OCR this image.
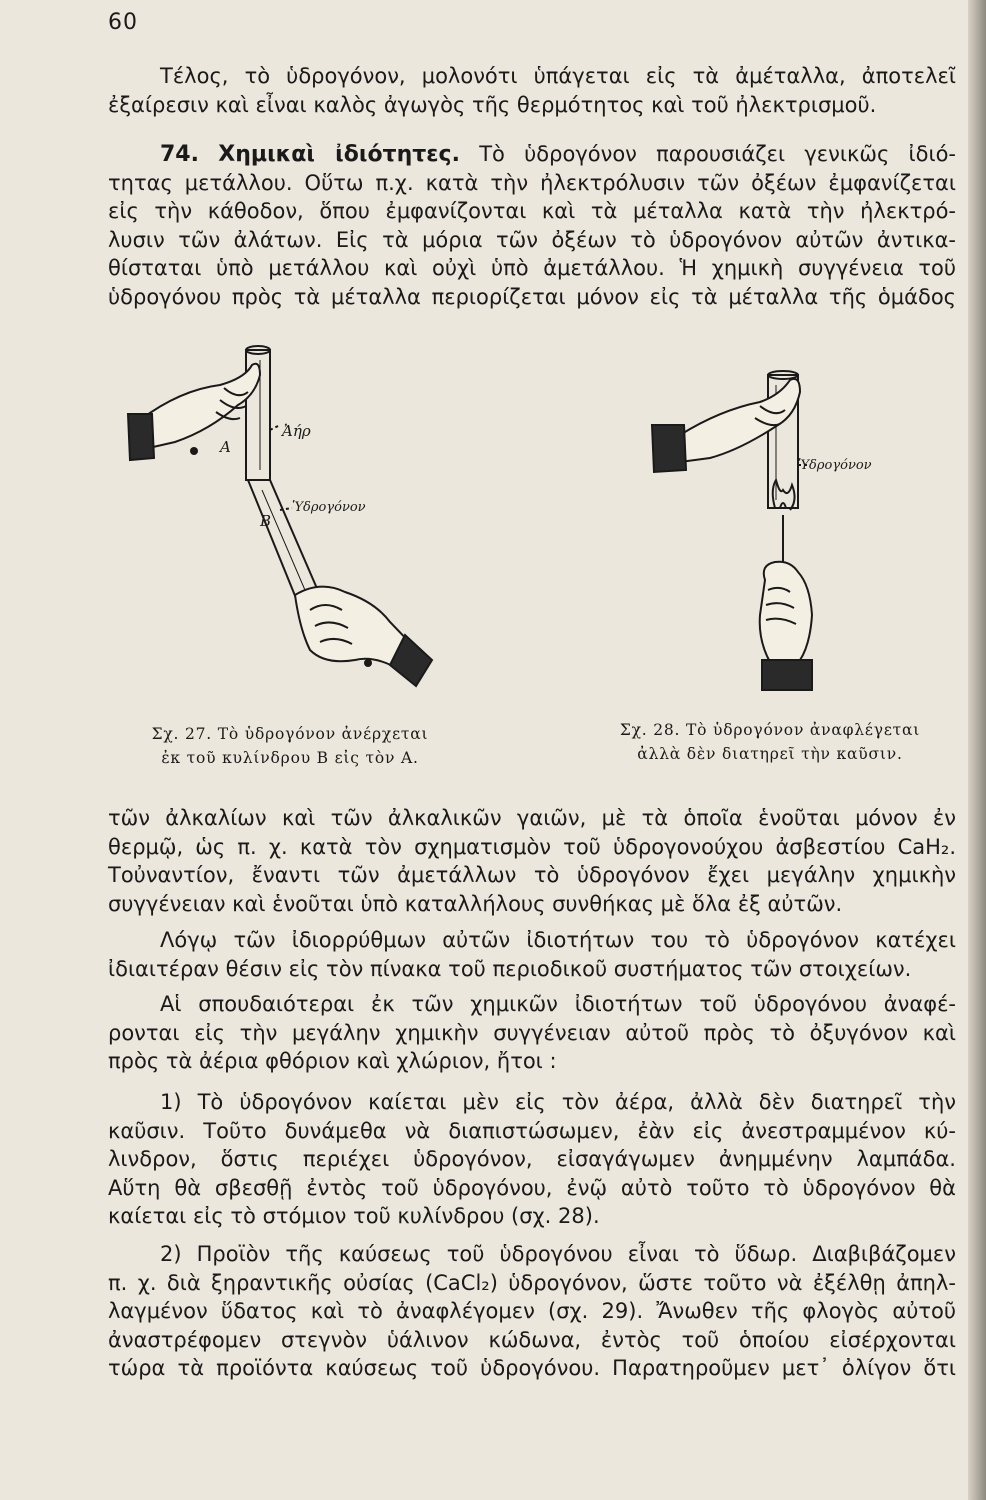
60
Τέλος, τὸ ὑδρογόνον, μολονότι ὑπάγεται εἰς τὰ ἀμέταλλα, ἀποτελεῖ
ἐξαίρεσιν καὶ εἶναι καλὸς ἀγωγὸς τῆς θερμότητος καὶ τοῦ ἠλεκτρισμοῦ.
74. Χημικαὶ ἰδιότητες. Τὸ ὑδρογόνον παρουσιάζει γενικῶς ἰδιό-
τητας μετάλλου. Οὕτω π.χ. κατὰ τὴν ἠλεκτρόλυσιν τῶν ὀξέων ἐμφανίζεται
εἰς τὴν κάθοδον, ὅπου ἐμφανίζονται καὶ τὰ μέταλλα κατὰ τὴν ἠλεκτρό-
λυσιν τῶν ἀλάτων. Εἰς τὰ μόρια τῶν ὀξέων τὸ ὑδρογόνον αὐτῶν ἀντικα-
θίσταται ὑπὸ μετάλλου καὶ οὐχὶ ὑπὸ ἀμετάλλου. Ἡ χημικὴ συγγένεια τοῦ
ὑδρογόνου πρὸς τὰ μέταλλα περιορίζεται μόνον εἰς τὰ μέταλλα τῆς ὁμάδος
A
Ἀήρ
B
Ὑδρογόνον
Σχ. 27. Τὸ ὑδρογόνον ἀνέρχεται
ἐκ τοῦ κυλίνδρου B εἰς τὸν A.
Ὑδρογόνον
Σχ. 28. Τὸ ὑδρογόνον ἀναφλέγεται
ἀλλὰ δὲν διατηρεῖ τὴν καῦσιν.
τῶν ἀλκαλίων καὶ τῶν ἀλκαλικῶν γαιῶν, μὲ τὰ ὁποῖα ἑνοῦται μόνον ἐν
θερμῷ, ὡς π. χ. κατὰ τὸν σχηματισμὸν τοῦ ὑδρογονούχου ἀσβεστίου CaH₂.
Τοὐναντίον, ἔναντι τῶν ἀμετάλλων τὸ ὑδρογόνον ἔχει μεγάλην χημικὴν
συγγένειαν καὶ ἑνοῦται ὑπὸ καταλλήλους συνθήκας μὲ ὅλα ἐξ αὐτῶν.
Λόγῳ τῶν ἰδιορρύθμων αὐτῶν ἰδιοτήτων του τὸ ὑδρογόνον κατέχει
ἰδιαιτέραν θέσιν εἰς τὸν πίνακα τοῦ περιοδικοῦ συστήματος τῶν στοιχείων.
Αἱ σπουδαιότεραι ἐκ τῶν χημικῶν ἰδιοτήτων τοῦ ὑδρογόνου ἀναφέ-
ρονται εἰς τὴν μεγάλην χημικὴν συγγένειαν αὐτοῦ πρὸς τὸ ὀξυγόνον καὶ
πρὸς τὰ ἀέρια φθόριον καὶ χλώριον, ἤτοι :
1) Τὸ ὑδρογόνον καίεται μὲν εἰς τὸν ἀέρα, ἀλλὰ δὲν διατηρεῖ τὴν
καῦσιν. Τοῦτο δυνάμεθα νὰ διαπιστώσωμεν, ἐὰν εἰς ἀνεστραμμένον κύ-
λινδρον, ὅστις περιέχει ὑδρογόνον, εἰσαγάγωμεν ἀνημμένην λαμπάδα.
Αὕτη θὰ σβεσθῇ ἐντὸς τοῦ ὑδρογόνου, ἐνῷ αὐτὸ τοῦτο τὸ ὑδρογόνον θὰ
καίεται εἰς τὸ στόμιον τοῦ κυλίνδρου (σχ. 28).
2) Προϊὸν τῆς καύσεως τοῦ ὑδρογόνου εἶναι τὸ ὕδωρ. Διαβιβάζομεν
π. χ. διὰ ξηραντικῆς οὐσίας (CaCl₂) ὑδρογόνον, ὥστε τοῦτο νὰ ἐξέλθῃ ἀπηλ-
λαγμένον ὕδατος καὶ τὸ ἀναφλέγομεν (σχ. 29). Ἄνωθεν τῆς φλογὸς αὐτοῦ
ἀναστρέφομεν στεγνὸν ὑάλινον κώδωνα, ἐντὸς τοῦ ὁποίου εἰσέρχονται
τώρα τὰ προϊόντα καύσεως τοῦ ὑδρογόνου. Παρατηροῦμεν μετ᾽ ὀλίγον ὅτι
